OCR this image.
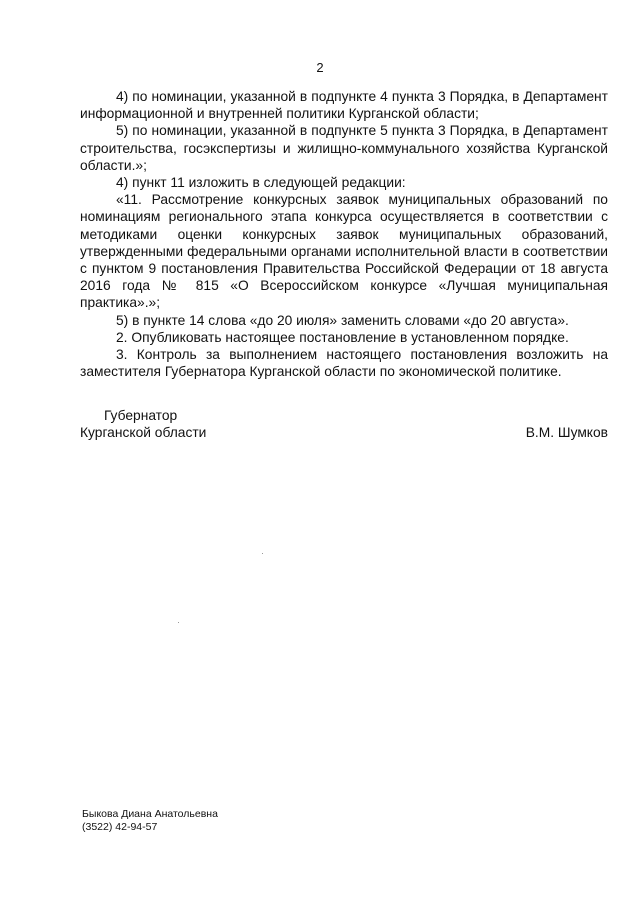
2

4) по номинации, указанной в подпункте 4 пункта 3 Порядка, в Департамент информационной и внутренней политики Курганской области;

5) по номинации, указанной в подпункте 5 пункта 3 Порядка, в Департамент строительства, госэкспертизы и жилищно-коммунального хозяйства Курганской области.»;

4) пункт 11 изложить в следующей редакции:

«11. Рассмотрение конкурсных заявок муниципальных образований по номинациям регионального этапа конкурса осуществляется в соответствии с методиками оценки конкурсных заявок муниципальных образований, утвержденными федеральными органами исполнительной власти в соответствии с пунктом 9 постановления Правительства Российской Федерации от 18 августа 2016 года № 815 «О Всероссийском конкурсе «Лучшая муниципальная практика».»;

5) в пункте 14 слова «до 20 июля» заменить словами «до 20 августа».

2. Опубликовать настоящее постановление в установленном порядке.

3. Контроль за выполнением настоящего постановления возложить на заместителя Губернатора Курганской области по экономической политике.

Губернатор
Курганской области	В.М. Шумков
Быкова Диана Анатольевна
(3522) 42-94-57
